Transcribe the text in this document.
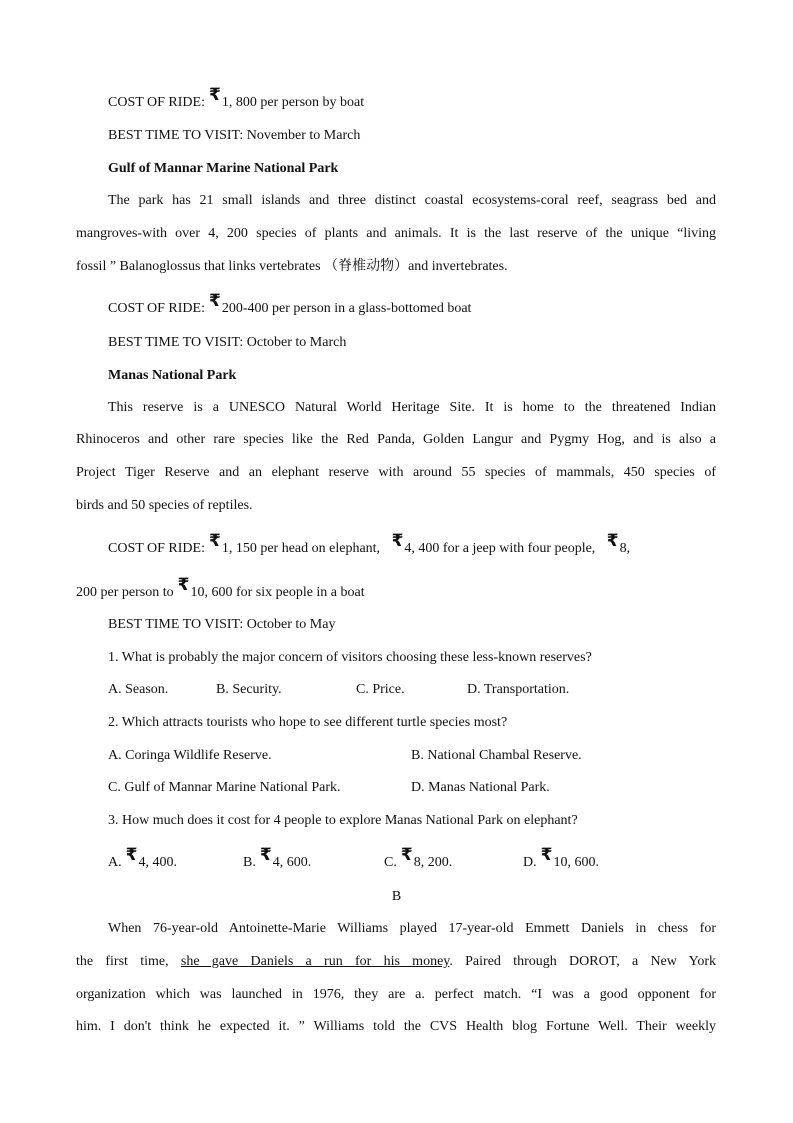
COST OF RIDE: ₹1, 800 per person by boat
BEST TIME TO VISIT: November to March
Gulf of Mannar Marine National Park
The park has 21 small islands and three distinct coastal ecosystems-coral reef, seagrass bed and
mangroves-with over 4, 200 species of plants and animals. It is the last reserve of the unique “living
fossil ” Balanoglossus that links vertebrates （脊椎动物）and invertebrates.
COST OF RIDE: ₹200-400 per person in a glass-bottomed boat
BEST TIME TO VISIT: October to March
Manas National Park
This reserve is a UNESCO Natural World Heritage Site. It is home to the threatened Indian
Rhinoceros and other rare species like the Red Panda, Golden Langur and Pygmy Hog, and is also a
Project Tiger Reserve and an elephant reserve with around 55 species of mammals, 450 species of
birds and 50 species of reptiles.
COST OF RIDE: ₹1, 150 per head on elephant, ₹4, 400 for a jeep with four people, ₹8,
200 per person to ₹10, 600 for six people in a boat
BEST TIME TO VISIT: October to May
1. What is probably the major concern of visitors choosing these less-known reserves?
A. Season.	B. Security.	C. Price.	D. Transportation.
2. Which attracts tourists who hope to see different turtle species most?
A. Coringa Wildlife Reserve.	B. National Chambal Reserve.
C. Gulf of Mannar Marine National Park.	D. Manas National Park.
3. How much does it cost for 4 people to explore Manas National Park on elephant?
A. ₹4, 400.	B. ₹4, 600.	C. ₹8, 200.	D. ₹10, 600.
B
When 76-year-old Antoinette-Marie Williams played 17-year-old Emmett Daniels in chess for
the first time, she gave Daniels a run for his money. Paired through DOROT, a New York
organization which was launched in 1976, they are a. perfect match. “I was a good opponent for
him. I don't think he expected it. ” Williams told the CVS Health blog Fortune Well. Their weekly
